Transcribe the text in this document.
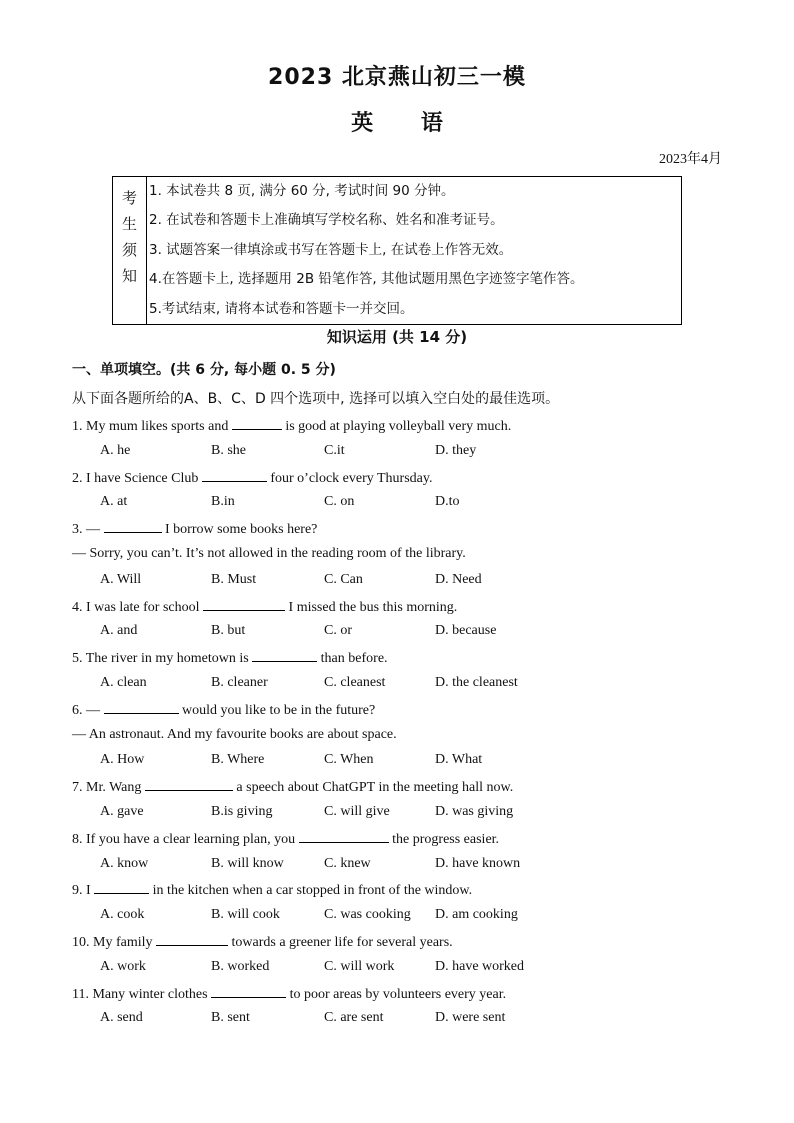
2023 北京燕山初三一模
英 语
2023年4月
考
生
须
知

1. 本试卷共 8 页, 满分 60 分, 考试时间 90 分钟。
2. 在试卷和答题卡上准确填写学校名称、姓名和准考证号。
3. 试题答案一律填涂或书写在答题卡上, 在试卷上作答无效。
4.在答题卡上, 选择题用 2B 铅笔作答, 其他试题用黑色字迹签字笔作答。
5.考试结束, 请将本试卷和答题卡一并交回。
知识运用 (共 14 分)
一、单项填空。(共 6 分, 每小题 0. 5 分)
从下面各题所给的A、B、C、D 四个选项中, 选择可以填入空白处的最佳选项。
1. My mum likes sports and	is good at playing volleyball very much.
A. he	B. she	C.it	D. they
2. I have Science Club	four o’clock every Thursday.
A. at	B.in	C. on	D.to
3. —	I borrow some books here?
— Sorry, you can’t. It’s not allowed in the reading room of the library.
A. Will	B. Must	C. Can	D. Need
4. I was late for school	I missed the bus this morning.
A. and	B. but	C. or	D. because
5. The river in my hometown is	than before.
A. clean	B. cleaner	C. cleanest	D. the cleanest
6. —	would you like to be in the future?
— An astronaut. And my favourite books are about space.
A. How	B. Where	C. When	D. What
7. Mr. Wang	a speech about ChatGPT in the meeting hall now.
A. gave	B.is giving	C. will give	D. was giving
8. If you have a clear learning plan, you	the progress easier.
A. know	B. will know	C. knew	D. have known
9. I	in the kitchen when a car stopped in front of the window.
A. cook	B. will cook	C. was cooking D. am cooking
10. My family	towards a greener life for several years.
A. work	B. worked	C. will work	D. have worked
11. Many winter clothes	to poor areas by volunteers every year.
A. send	B. sent	C. are sent	D. were sent
